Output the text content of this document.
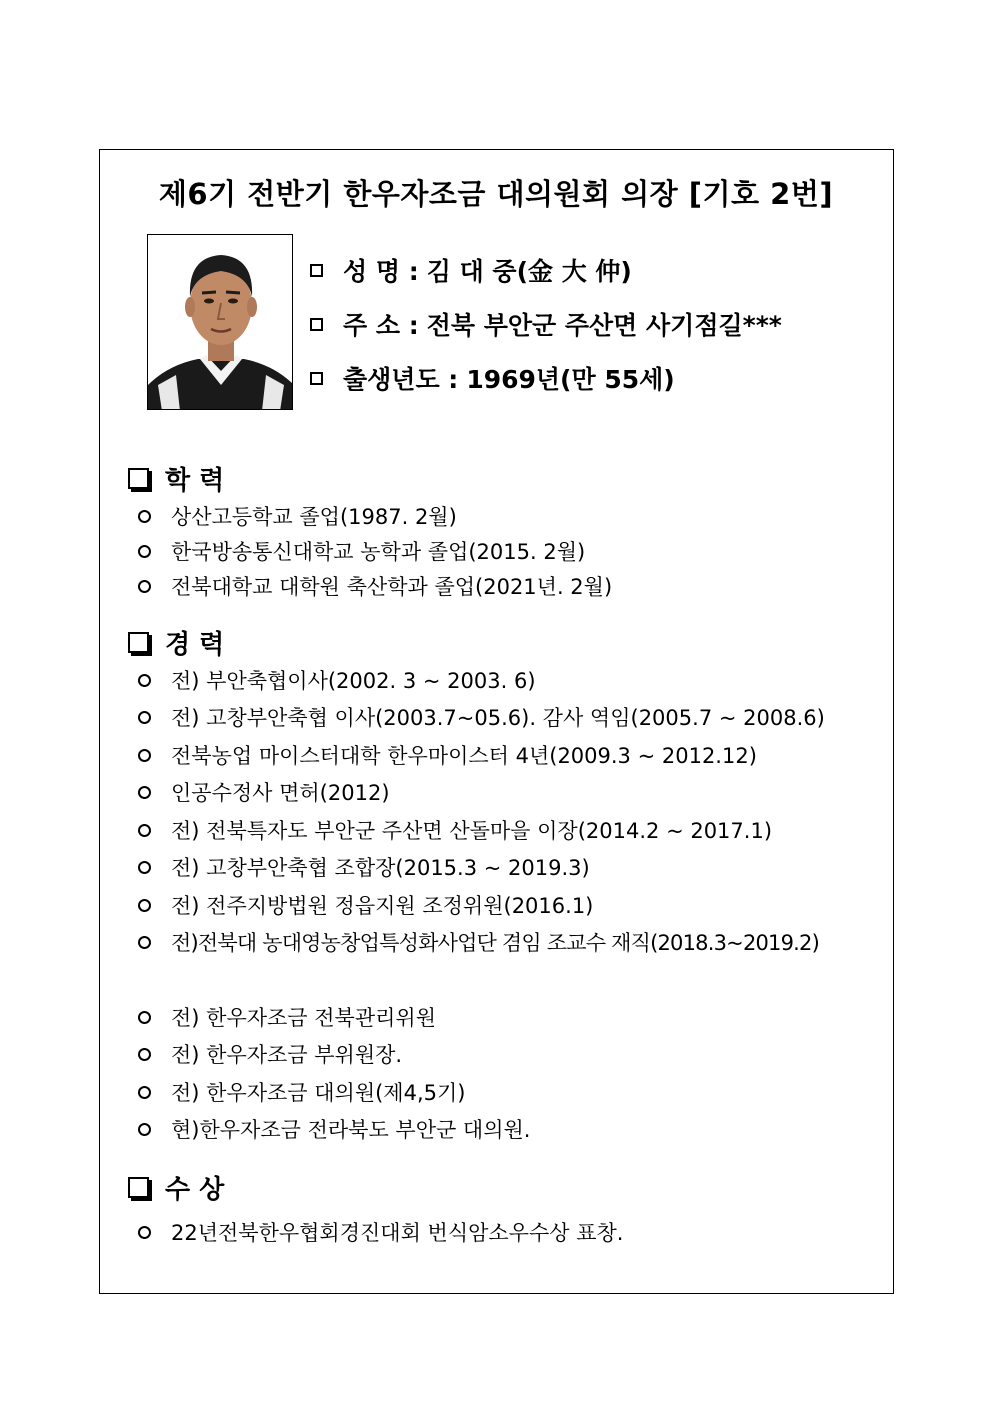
제6기 전반기 한우자조금 대의원회 의장 [기호 2번]
성 명 : 김 대 중(金 大 仲)
주 소 : 전북 부안군 주산면 사기점길***
출생년도 : 1969년(만 55세)
학 력
상산고등학교 졸업(1987. 2월)
한국방송통신대학교 농학과 졸업(2015. 2월)
전북대학교 대학원 축산학과 졸업(2021년. 2월)
경 력
전) 부안축협이사(2002. 3 ~ 2003. 6)
전) 고창부안축협 이사(2003.7~05.6). 감사 역임(2005.7 ~ 2008.6)
전북농업 마이스터대학 한우마이스터 4년(2009.3 ~ 2012.12)
인공수정사 면허(2012)
전) 전북특자도 부안군 주산면 산돌마을 이장(2014.2 ~ 2017.1)
전) 고창부안축협 조합장(2015.3 ~ 2019.3)
전) 전주지방법원 정읍지원 조정위원(2016.1)
전)전북대 농대영농창업특성화사업단 겸임 조교수 재직(2018.3~2019.2)
전) 한우자조금 전북관리위원
전) 한우자조금 부위원장.
전) 한우자조금 대의원(제4,5기)
현)한우자조금 전라북도 부안군 대의원.
수 상
22년전북한우협회경진대회 번식암소우수상 표창.
